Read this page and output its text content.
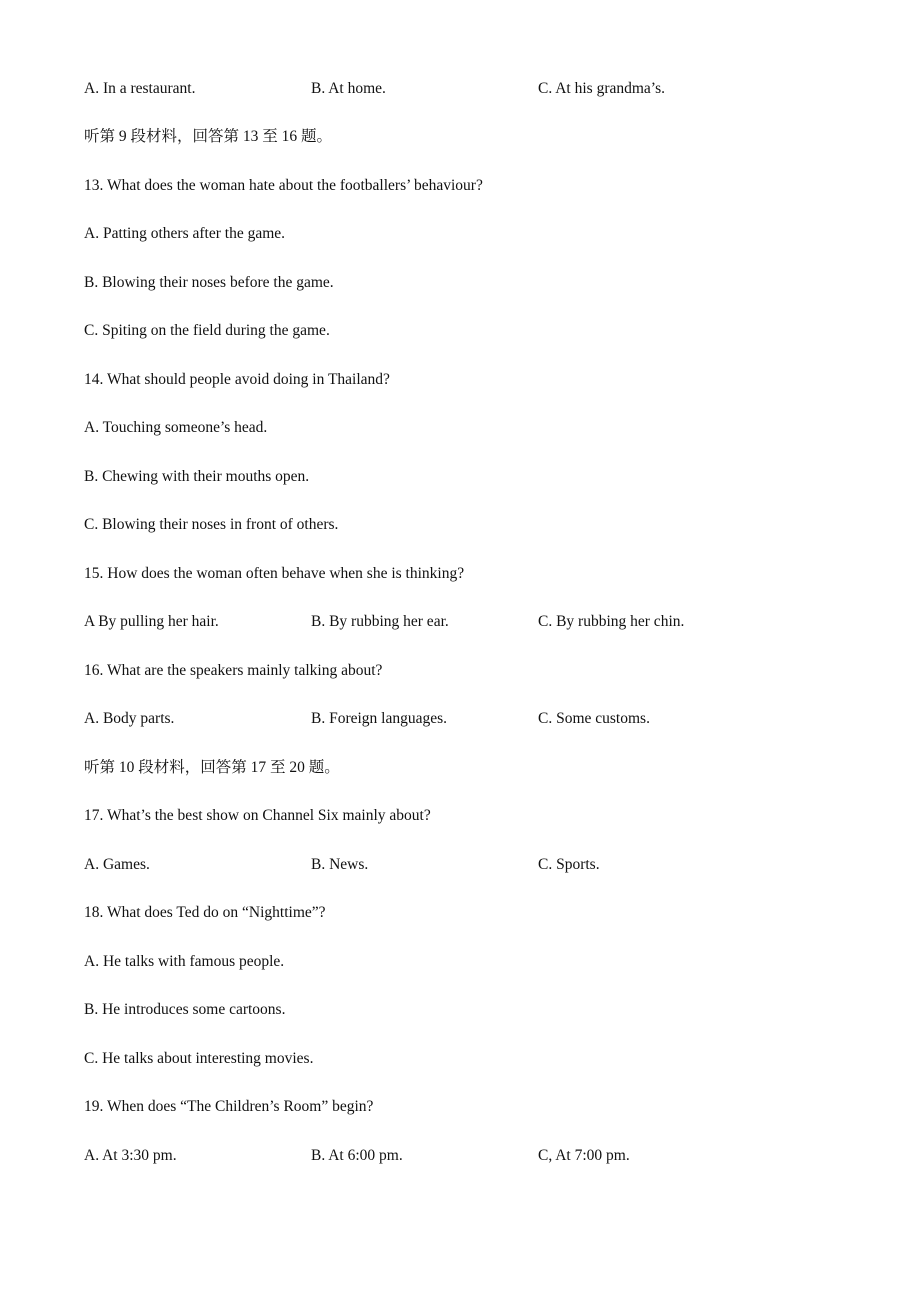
A. In a restaurant.	B. At home.	C. At his grandma’s.
听第 9 段材料，回答第 13 至 16 题。
13. What does the woman hate about the footballers’ behaviour?
A. Patting others after the game.
B. Blowing their noses before the game.
C. Spiting on the field during the game.
14. What should people avoid doing in Thailand?
A. Touching someone’s head.
B. Chewing with their mouths open.
C. Blowing their noses in front of others.
15. How does the woman often behave when she is thinking?
A By pulling her hair.	B. By rubbing her ear.	C. By rubbing her chin.
16. What are the speakers mainly talking about?
A. Body parts.	B. Foreign languages.	C. Some customs.
听第 10 段材料，回答第 17 至 20 题。
17. What’s the best show on Channel Six mainly about?
A. Games.	B. News.	C. Sports.
18. What does Ted do on “Nighttime”?
A. He talks with famous people.
B. He introduces some cartoons.
C. He talks about interesting movies.
19. When does “The Children’s Room” begin?
A. At 3:30 pm.	B. At 6:00 pm.	C, At 7:00 pm.
